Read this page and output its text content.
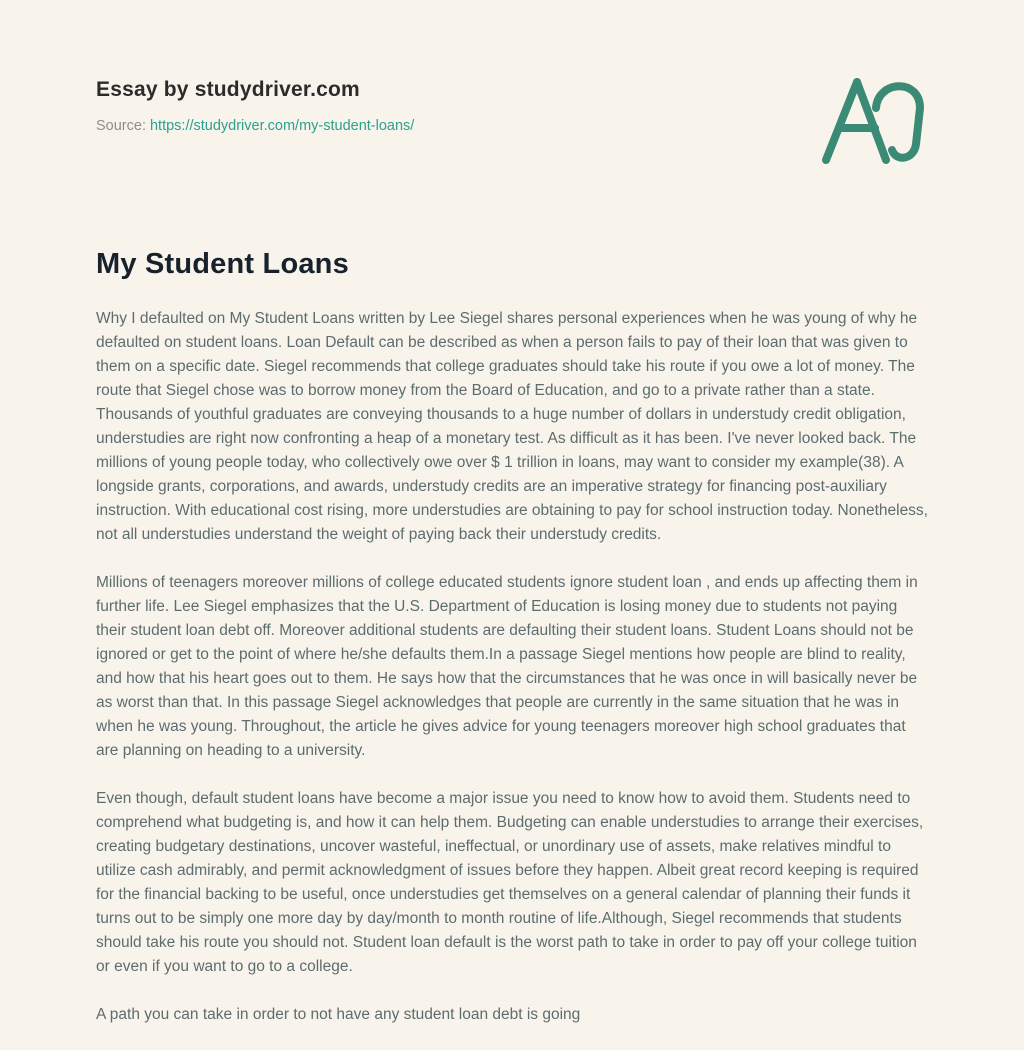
Essay by studydriver.com
Source: https://studydriver.com/my-student-loans/
My Student Loans

Why I defaulted on My Student Loans written by Lee Siegel shares personal experiences when he was young of why he defaulted on student loans. Loan Default can be described as when a person fails to pay of their loan that was given to them on a specific date. Siegel recommends that college graduates should take his route if you owe a lot of money. The route that Siegel chose was to borrow money from the Board of Education, and go to a private rather than a state. Thousands of youthful graduates are conveying thousands to a huge number of dollars in understudy credit obligation, understudies are right now confronting a heap of a monetary test. As difficult as it has been. I've never looked back. The millions of young people today, who collectively owe over $ 1 trillion in loans, may want to consider my example(38). A longside grants, corporations, and awards, understudy credits are an imperative strategy for financing post-auxiliary instruction. With educational cost rising, more understudies are obtaining to pay for school instruction today. Nonetheless, not all understudies understand the weight of paying back their understudy credits.

Millions of teenagers moreover millions of college educated students ignore student loan , and ends up affecting them in further life. Lee Siegel emphasizes that the U.S. Department of Education is losing money due to students not paying their student loan debt off. Moreover additional students are defaulting their student loans. Student Loans should not be ignored or get to the point of where he/she defaults them.In a passage Siegel mentions how people are blind to reality, and how that his heart goes out to them. He says how that the circumstances that he was once in will basically never be as worst than that. In this passage Siegel acknowledges that people are currently in the same situation that he was in when he was young. Throughout, the article he gives advice for young teenagers moreover high school graduates that are planning on heading to a university.

Even though, default student loans have become a major issue you need to know how to avoid them. Students need to comprehend what budgeting is, and how it can help them. Budgeting can enable understudies to arrange their exercises, creating budgetary destinations, uncover wasteful, ineffectual, or unordinary use of assets, make relatives mindful to utilize cash admirably, and permit acknowledgment of issues before they happen. Albeit great record keeping is required for the financial backing to be useful, once understudies get themselves on a general calendar of planning their funds it turns out to be simply one more day by day/month to month routine of life.Although, Siegel recommends that students should take his route you should not. Student loan default is the worst path to take in order to pay off your college tuition or even if you want to go to a college.

A path you can take in order to not have any student loan debt is going
